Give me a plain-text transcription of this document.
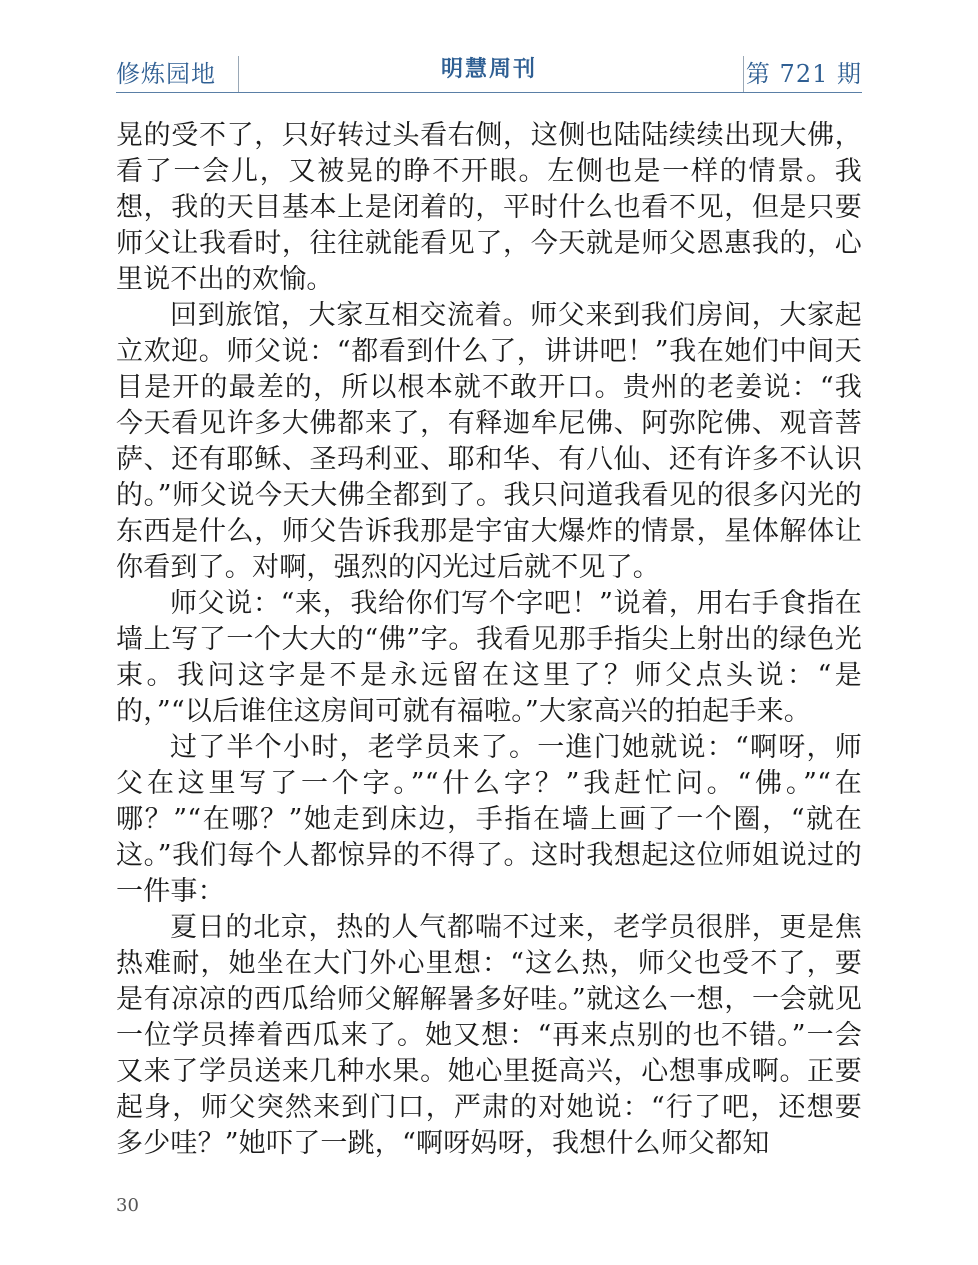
修炼园地	明慧周刊	第 721 期

晃的受不了，只好转过头看右侧，这侧也陆陆续续出现大佛，看了一会儿，又被晃的睁不开眼。左侧也是一样的情景。我想，我的天目基本上是闭着的，平时什么也看不见，但是只要师父让我看时，往往就能看见了，今天就是师父恩惠我的，心里说不出的欢愉。

回到旅馆，大家互相交流着。师父来到我们房间，大家起立欢迎。师父说：“都看到什么了，讲讲吧！”我在她们中间天目是开的最差的，所以根本就不敢开口。贵州的老姜说：“我今天看见许多大佛都来了，有释迦牟尼佛、阿弥陀佛、观音菩萨、还有耶稣、圣玛利亚、耶和华、有八仙、还有许多不认识的。”师父说今天大佛全都到了。我只问道我看见的很多闪光的东西是什么，师父告诉我那是宇宙大爆炸的情景，星体解体让你看到了。对啊，强烈的闪光过后就不见了。

师父说：“来，我给你们写个字吧！”说着，用右手食指在墙上写了一个大大的“佛”字。我看见那手指尖上射出的绿色光束。我问这字是不是永远留在这里了？师父点头说：“是的，”“以后谁住这房间可就有福啦。”大家高兴的拍起手来。

过了半个小时，老学员来了。一進门她就说：“啊呀，师父在这里写了一个字。”“什么字？”我赶忙问。“佛。”“在哪？”“在哪？”她走到床边，手指在墙上画了一个圈，“就在这。”我们每个人都惊异的不得了。这时我想起这位师姐说过的一件事：

夏日的北京，热的人气都喘不过来，老学员很胖，更是焦热难耐，她坐在大门外心里想：“这么热，师父也受不了，要是有凉凉的西瓜给师父解解暑多好哇。”就这么一想，一会就见一位学员捧着西瓜来了。她又想：“再来点别的也不错。”一会又来了学员送来几种水果。她心里挺高兴，心想事成啊。正要起身，师父突然来到门口，严肃的对她说：“行了吧，还想要多少哇？”她吓了一跳，“啊呀妈呀，我想什么师父都知

30
